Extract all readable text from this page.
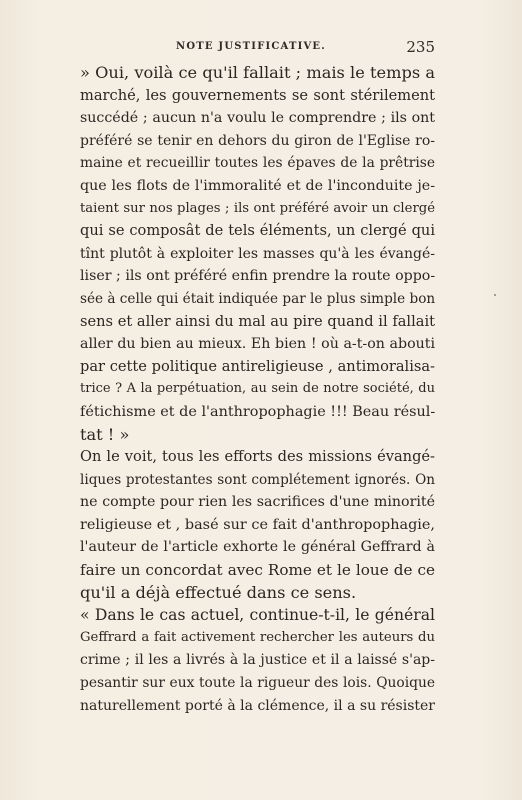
NOTE JUSTIFICATIVE.	235
» Oui, voilà ce qu'il fallait ; mais le temps a
marché, les gouvernements se sont stérilement
succédé ; aucun n'a voulu le comprendre ; ils ont
préféré se tenir en dehors du giron de l'Eglise ro-
maine et recueillir toutes les épaves de la prêtrise
que les flots de l'immoralité et de l'inconduite je-
taient sur nos plages ; ils ont préféré avoir un clergé
qui se composât de tels éléments, un clergé qui
tînt plutôt à exploiter les masses qu'à les évangé-
liser ; ils ont préféré enfin prendre la route oppo-
sée à celle qui était indiquée par le plus simple bon
sens et aller ainsi du mal au pire quand il fallait
aller du bien au mieux. Eh bien ! où a-t-on abouti
par cette politique antireligieuse , antimoralisa-
trice ? A la perpétuation, au sein de notre société, du
fétichisme et de l'anthropophagie !!! Beau résul-
tat ! »
On le voit, tous les efforts des missions évangé-
liques protestantes sont complétement ignorés. On
ne compte pour rien les sacrifices d'une minorité
religieuse et , basé sur ce fait d'anthropophagie,
l'auteur de l'article exhorte le général Geffrard à
faire un concordat avec Rome et le loue de ce
qu'il a déjà effectué dans ce sens.
« Dans le cas actuel, continue-t-il, le général
Geffrard a fait activement rechercher les auteurs du
crime ; il les a livrés à la justice et il a laissé s'ap-
pesantir sur eux toute la rigueur des lois. Quoique
naturellement porté à la clémence, il a su résister
